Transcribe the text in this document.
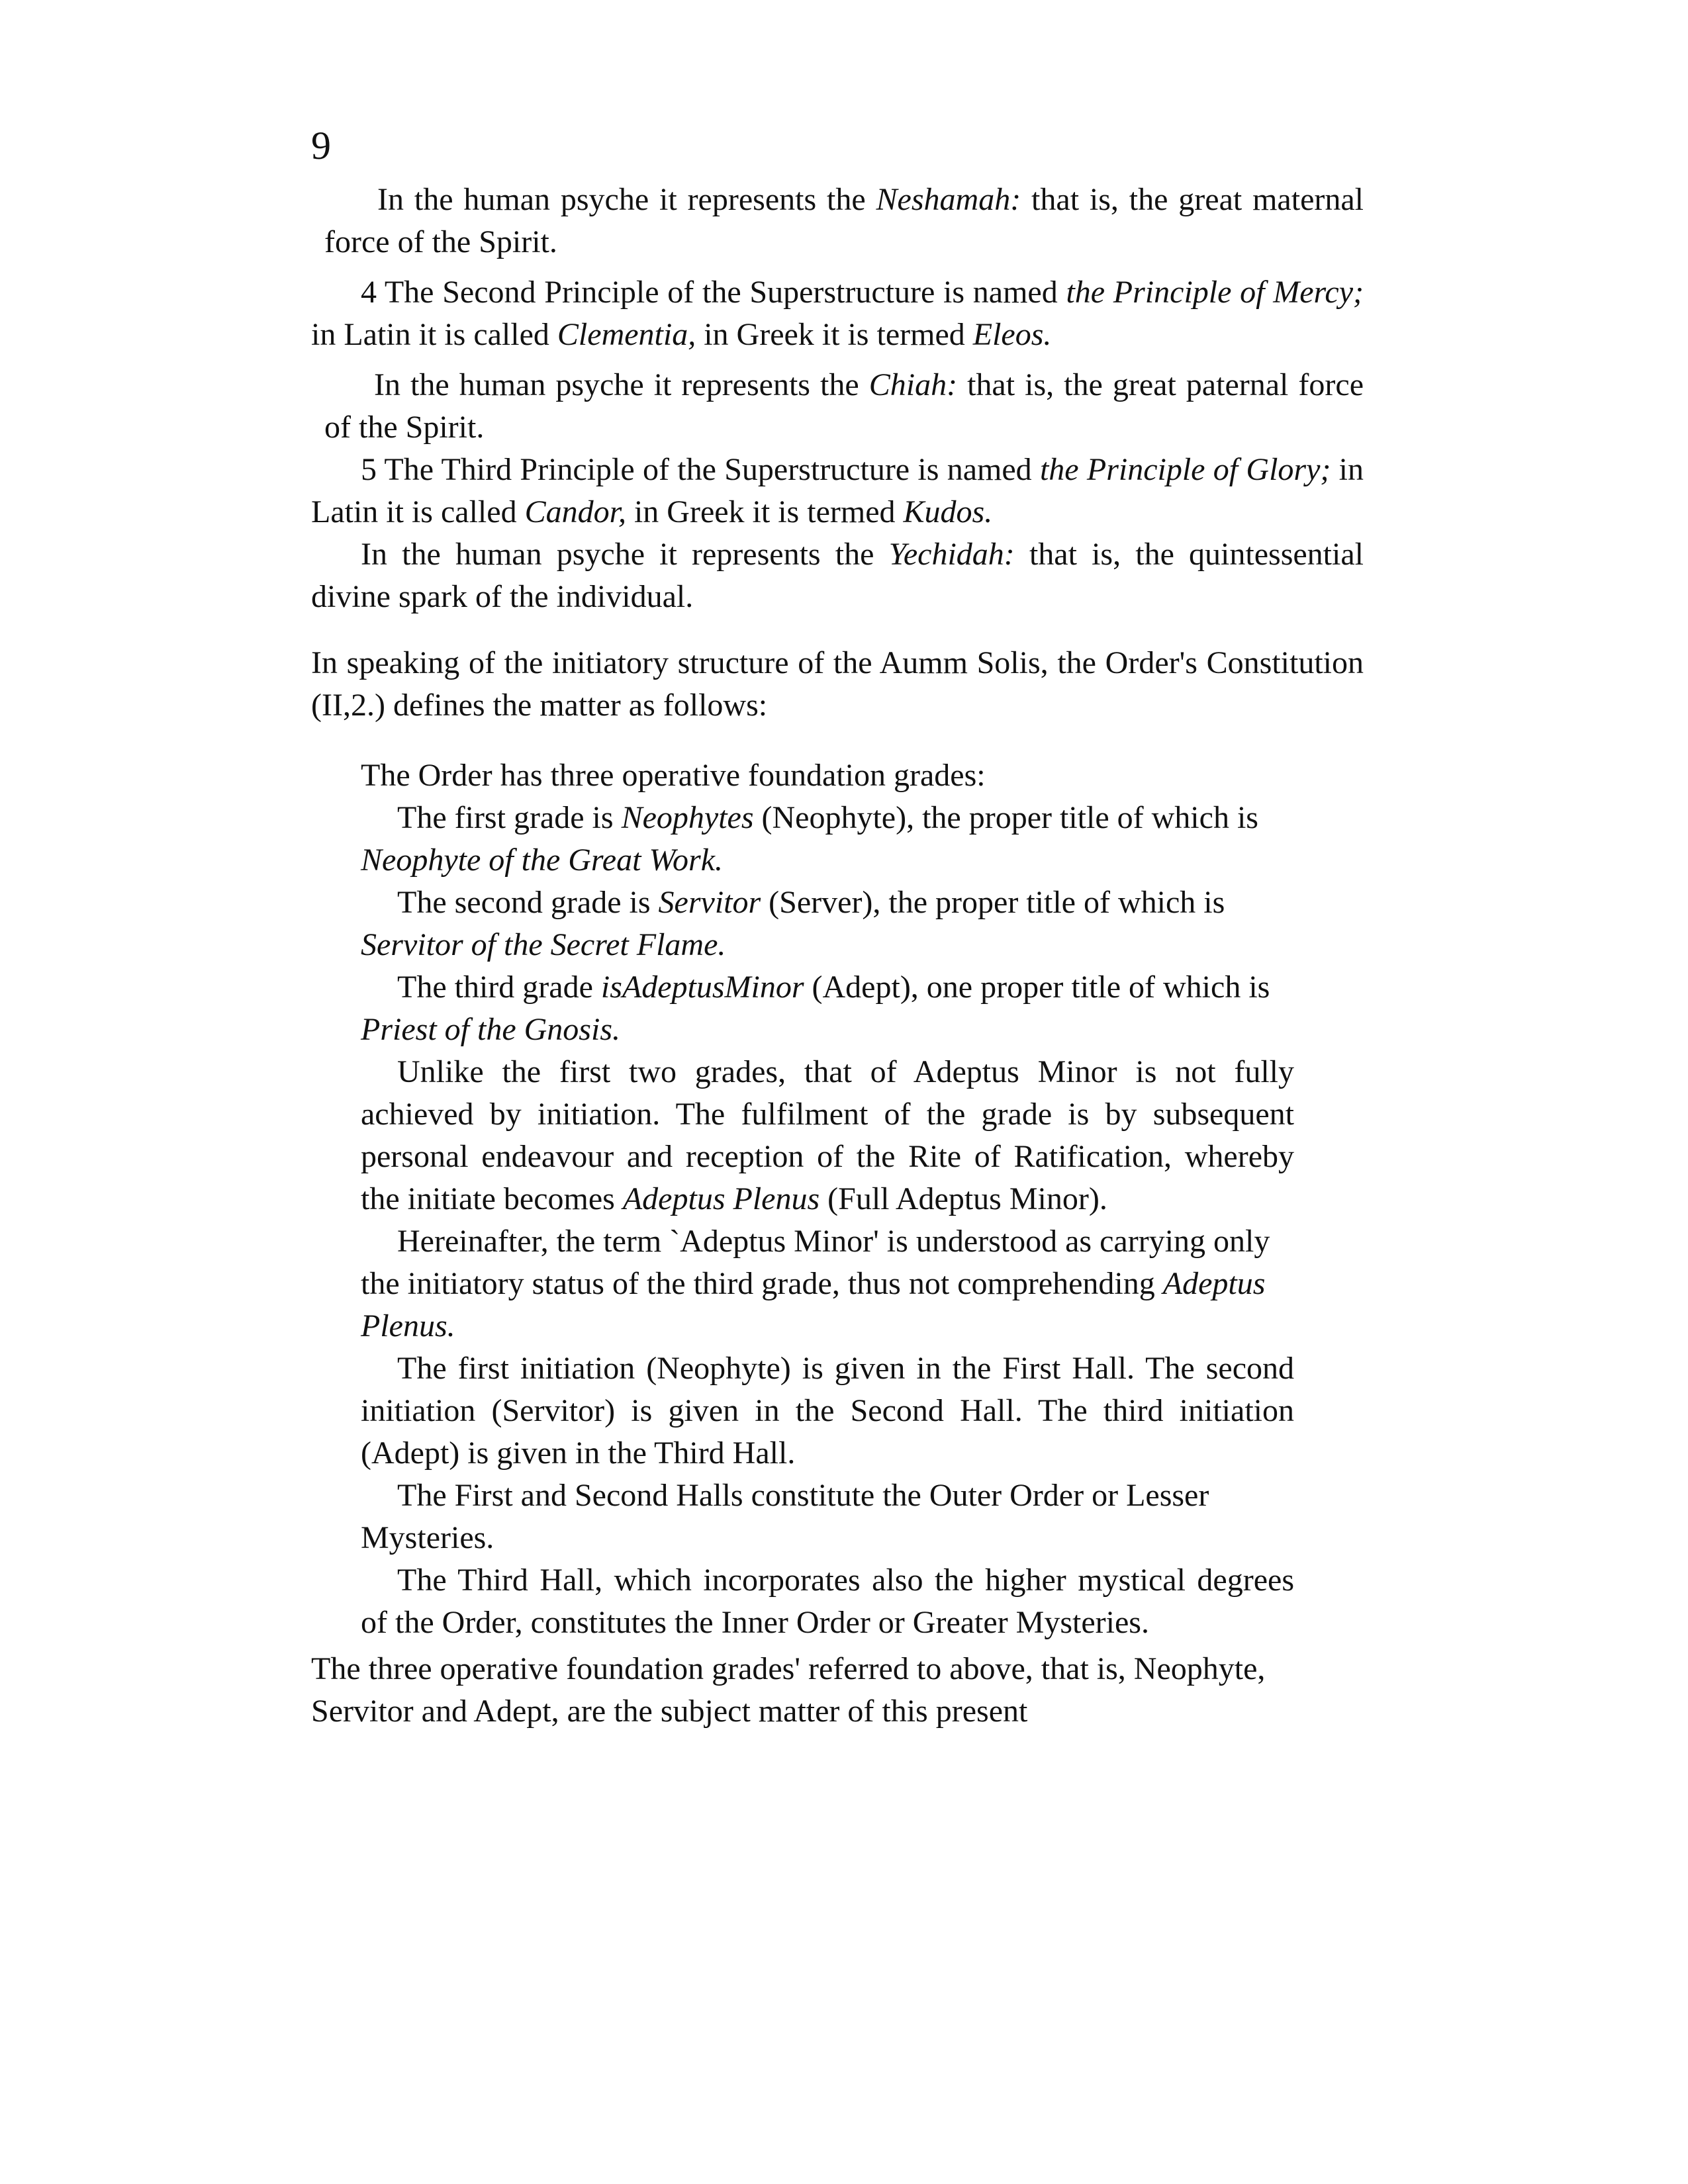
9

In the human psyche it represents the Neshamah: that is, the great maternal force of the Spirit.

4 The Second Principle of the Superstructure is named the Principle of Mercy; in Latin it is called Clementia, in Greek it is termed Eleos.

In the human psyche it represents the Chiah: that is, the great paternal force of the Spirit.

5 The Third Principle of the Superstructure is named the Principle of Glory; in Latin it is called Candor, in Greek it is termed Kudos.

In the human psyche it represents the Yechidah: that is, the quintessential divine spark of the individual.

In speaking of the initiatory structure of the Aumm Solis, the Order's Constitution (II,2.) defines the matter as follows:

The Order has three operative foundation grades:

The first grade is Neophytes (Neophyte), the proper title of which is Neophyte of the Great Work.

The second grade is Servitor (Server), the proper title of which is Servitor of the Secret Flame.

The third grade isAdeptusMinor (Adept), one proper title of which is Priest of the Gnosis.

Unlike the first two grades, that of Adeptus Minor is not fully achieved by initiation. The fulfilment of the grade is by subsequent personal endeavour and reception of the Rite of Ratification, whereby the initiate becomes Adeptus Plenus (Full Adeptus Minor).

Hereinafter, the term `Adeptus Minor' is understood as carrying only the initiatory status of the third grade, thus not comprehending Adeptus Plenus.

The first initiation (Neophyte) is given in the First Hall. The second initiation (Servitor) is given in the Second Hall. The third initiation (Adept) is given in the Third Hall.

The First and Second Halls constitute the Outer Order or Lesser Mysteries.

The Third Hall, which incorporates also the higher mystical degrees of the Order, constitutes the Inner Order or Greater Mysteries.

The three operative foundation grades' referred to above, that is, Neophyte, Servitor and Adept, are the subject matter of this present
